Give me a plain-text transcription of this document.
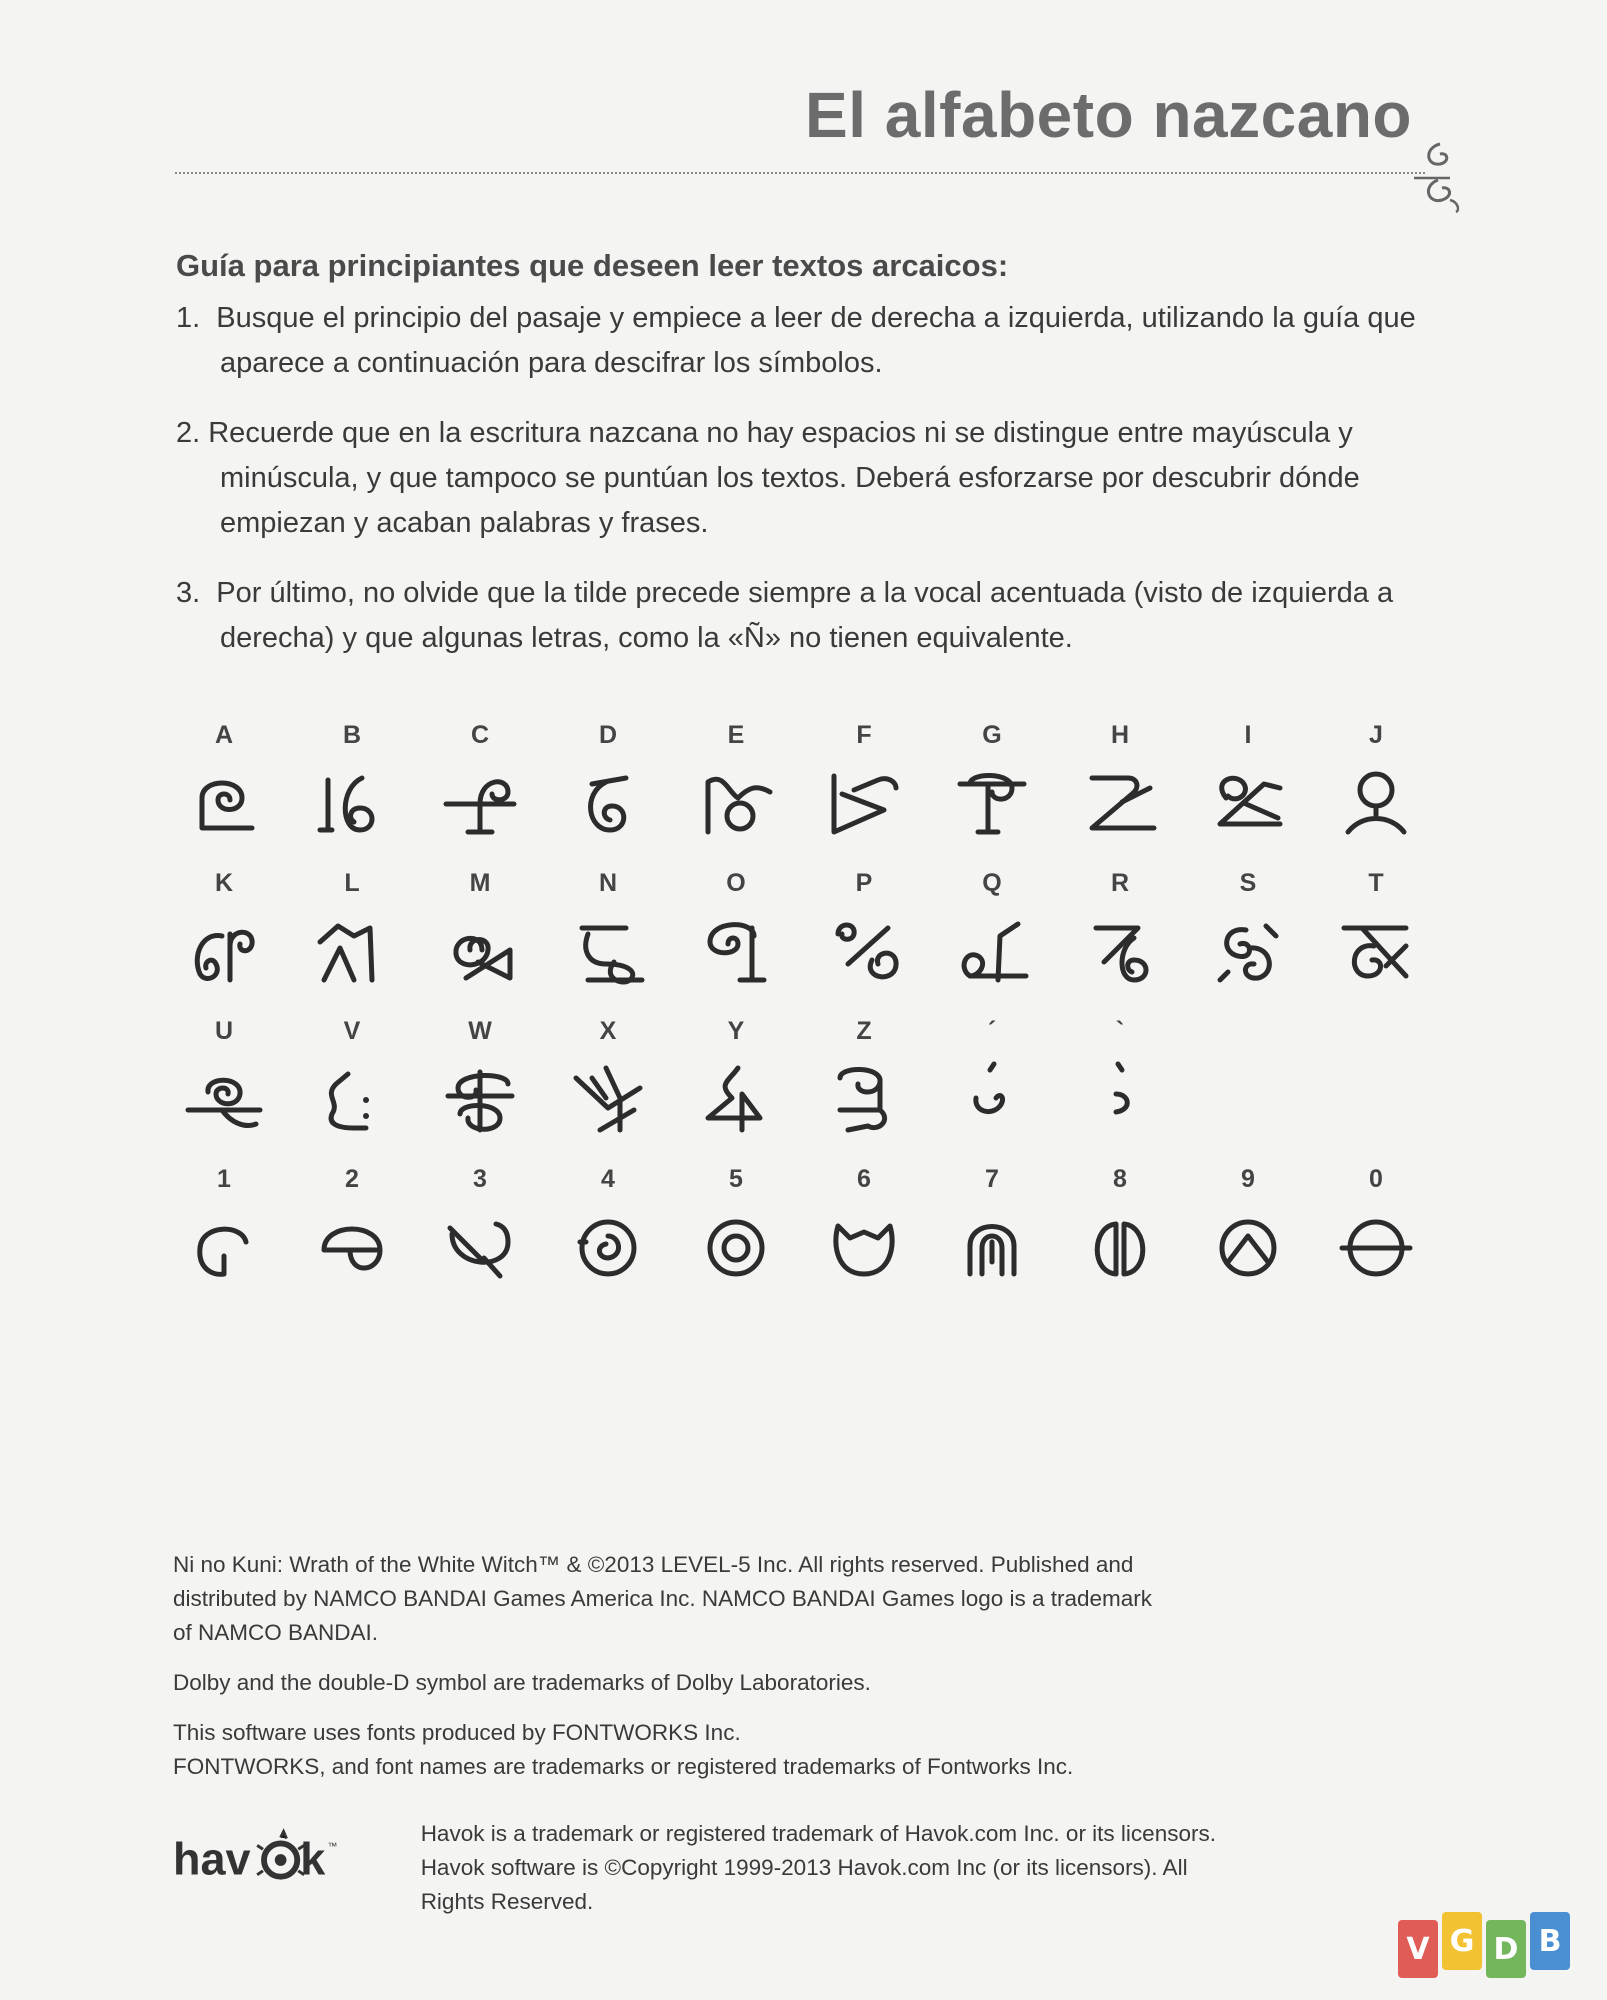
El alfabeto nazcano
Guía para principiantes que deseen leer textos arcaicos:

1.  Busque el principio del pasaje y empiece a leer de derecha a izquierda, utilizando la guía que aparece a continuación para descifrar los símbolos.

2. Recuerde que en la escritura nazcana no hay espacios ni se distingue entre mayúscula y minúscula, y que tampoco se puntúan los textos. Deberá esforzarse por descubrir dónde empiezan y acaban palabras y frases.

3.  Por último, no olvide que la tilde precede siempre a la vocal acentuada (visto de izquierda a derecha) y que algunas letras, como la «Ñ» no tienen equivalente.

A	B	C	D	E	F	G	H	I	J
K	L	M	N	O	P	Q	R	S	T
U	V	W	X	Y	Z	´	`
1	2	3	4	5	6	7	8	9	0

Ni no Kuni: Wrath of the White Witch™ & ©2013 LEVEL-5 Inc. All rights reserved. Published and distributed by NAMCO BANDAI Games America Inc. NAMCO BANDAI Games logo is a trademark of NAMCO BANDAI.

Dolby and the double-D symbol are trademarks of Dolby Laboratories.

This software uses fonts produced by FONTWORKS Inc.
FONTWORKS, and font names are trademarks or registered trademarks of Fontworks Inc.

hav k ™

Havok is a trademark or registered trademark of Havok.com Inc. or its licensors. Havok software is ©Copyright 1999-2013 Havok.com Inc (or its licensors). All Rights Reserved.

V G D B
